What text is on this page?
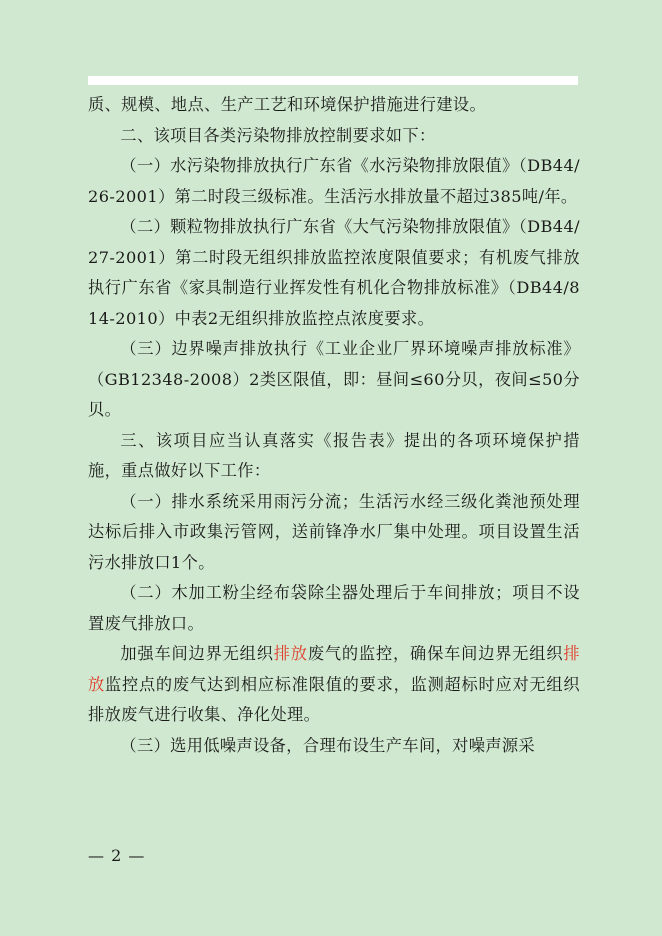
质、规模、地点、生产工艺和环境保护措施进行建设。

二、该项目各类污染物排放控制要求如下：

（一）水污染物排放执行广东省《水污染物排放限值》（DB44/26-2001）第二时段三级标准。生活污水排放量不超过385吨/年。

（二）颗粒物排放执行广东省《大气污染物排放限值》（DB44/27-2001）第二时段无组织排放监控浓度限值要求；有机废气排放执行广东省《家具制造行业挥发性有机化合物排放标准》（DB44/814-2010）中表2无组织排放监控点浓度要求。

（三）边界噪声排放执行《工业企业厂界环境噪声排放标准》（GB12348-2008）2类区限值，即：昼间≤60分贝，夜间≤50分贝。

三、该项目应当认真落实《报告表》提出的各项环境保护措施，重点做好以下工作：

（一）排水系统采用雨污分流；生活污水经三级化粪池预处理达标后排入市政集污管网，送前锋净水厂集中处理。项目设置生活污水排放口1个。

（二）木加工粉尘经布袋除尘器处理后于车间排放；项目不设置废气排放口。

加强车间边界无组织排放废气的监控，确保车间边界无组织排放监控点的废气达到相应标准限值的要求，监测超标时应对无组织排放废气进行收集、净化处理。

（三）选用低噪声设备，合理布设生产车间，对噪声源采

— 2 —
